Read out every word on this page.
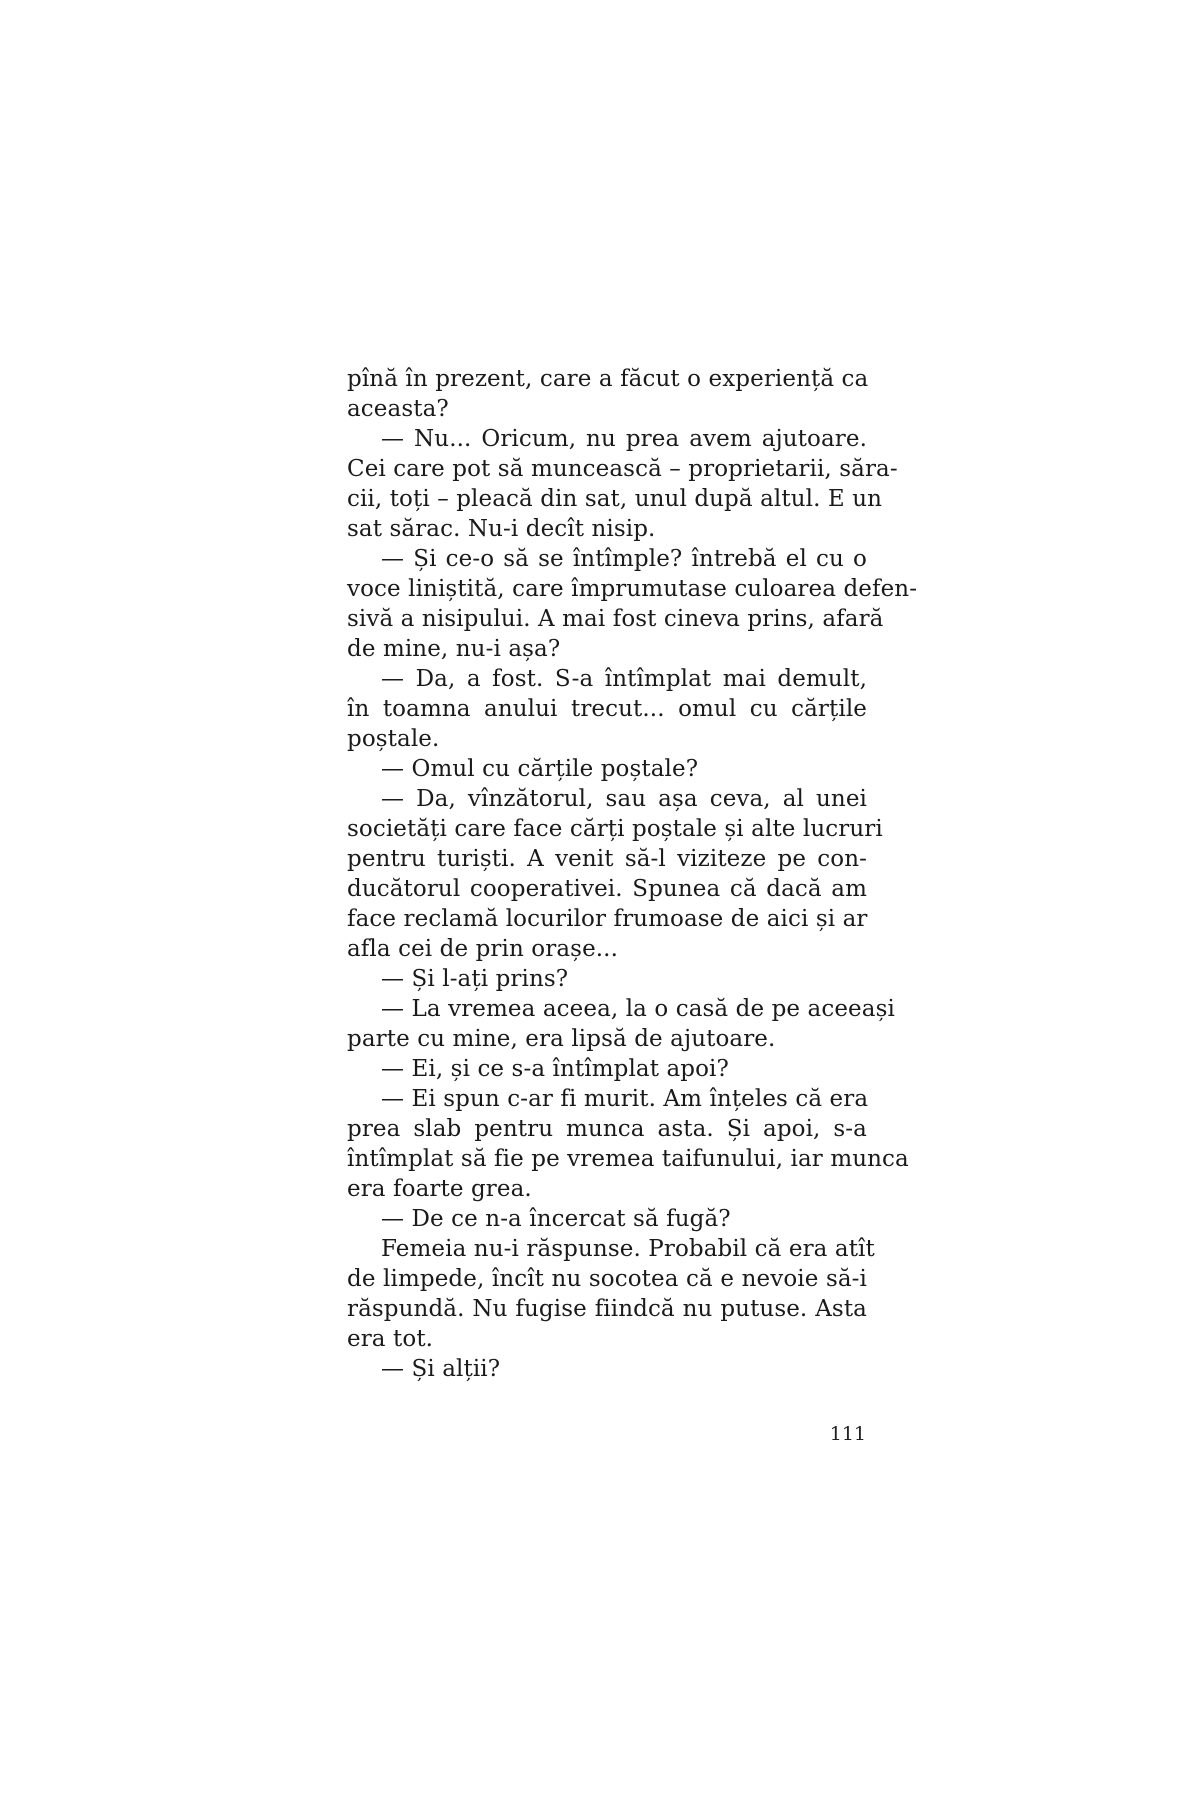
pînă în prezent, care a făcut o experiență ca
aceasta?
— Nu... Oricum, nu prea avem ajutoare.
Cei care pot să muncească – proprietarii, săra-
cii, toți – pleacă din sat, unul după altul. E un
sat sărac. Nu-i decît nisip.
— Și ce-o să se întîmple? întrebă el cu o
voce liniștită, care împrumutase culoarea defen-
sivă a nisipului. A mai fost cineva prins, afară
de mine, nu-i așa?
— Da, a fost. S-a întîmplat mai demult,
în toamna anului trecut... omul cu cărțile
poștale.
— Omul cu cărțile poștale?
— Da, vînzătorul, sau așa ceva, al unei
societăți care face cărți poștale și alte lucruri
pentru turiști. A venit să-l viziteze pe con-
ducătorul cooperativei. Spunea că dacă am
face reclamă locurilor frumoase de aici și ar
afla cei de prin orașe...
— Și l-ați prins?
— La vremea aceea, la o casă de pe aceeași
parte cu mine, era lipsă de ajutoare.
— Ei, și ce s-a întîmplat apoi?
— Ei spun c-ar fi murit. Am înțeles că era
prea slab pentru munca asta. Și apoi, s-a
întîmplat să fie pe vremea taifunului, iar munca
era foarte grea.
— De ce n-a încercat să fugă?
Femeia nu-i răspunse. Probabil că era atît
de limpede, încît nu socotea că e nevoie să-i
răspundă. Nu fugise fiindcă nu putuse. Asta
era tot.
— Și alții?
111
